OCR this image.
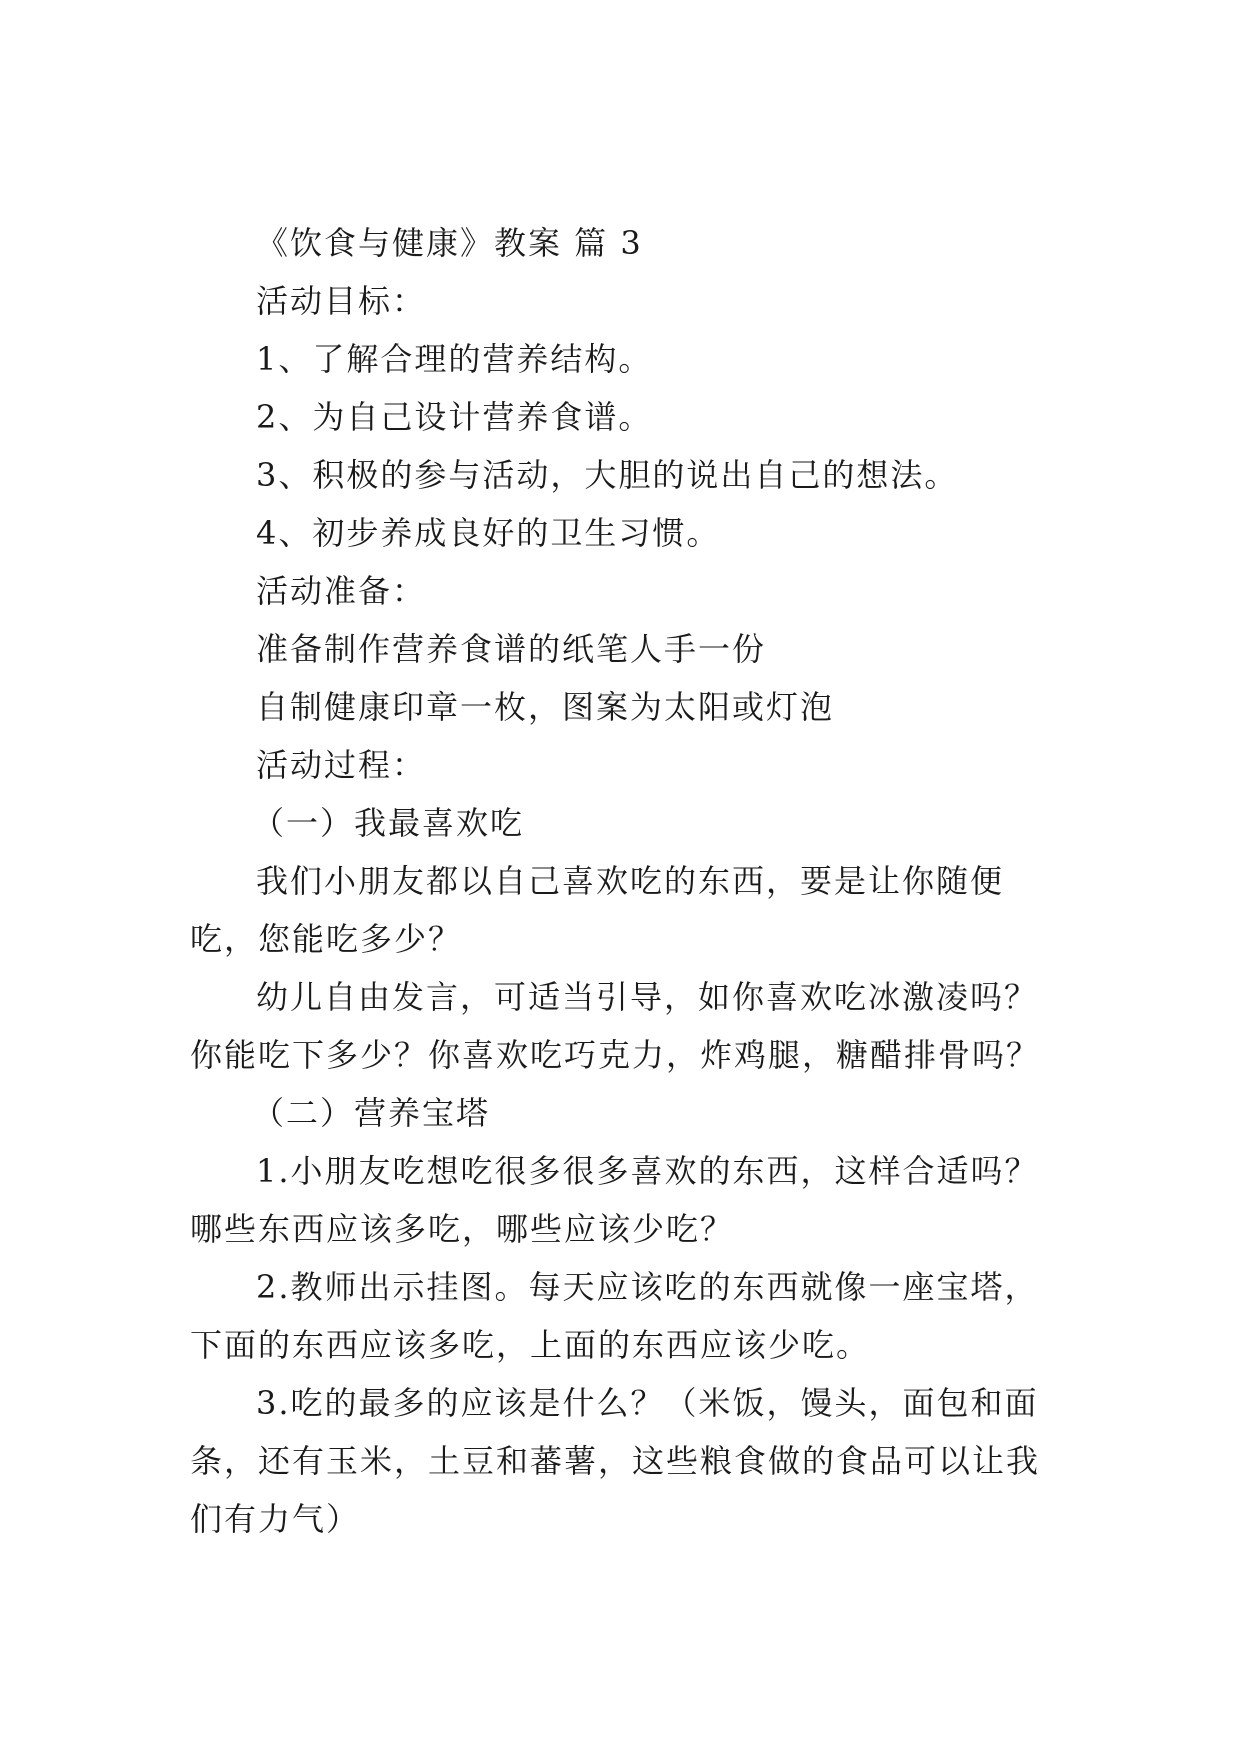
《饮食与健康》教案 篇 3
活动目标：
1、了解合理的营养结构。
2、为自己设计营养食谱。
3、积极的参与活动，大胆的说出自己的想法。
4、初步养成良好的卫生习惯。
活动准备：
准备制作营养食谱的纸笔人手一份
自制健康印章一枚，图案为太阳或灯泡
活动过程：
（一）我最喜欢吃

我们小朋友都以自己喜欢吃的东西，要是让你随便吃，您能吃多少？

幼儿自由发言，可适当引导，如你喜欢吃冰激凌吗？你能吃下多少？你喜欢吃巧克力，炸鸡腿，糖醋排骨吗？

（二）营养宝塔

1.小朋友吃想吃很多很多喜欢的东西，这样合适吗？哪些东西应该多吃，哪些应该少吃？

2.教师出示挂图。每天应该吃的东西就像一座宝塔，下面的东西应该多吃，上面的东西应该少吃。

3.吃的最多的应该是什么？（米饭，馒头，面包和面条，还有玉米，土豆和蕃薯，这些粮食做的食品可以让我们有力气）
